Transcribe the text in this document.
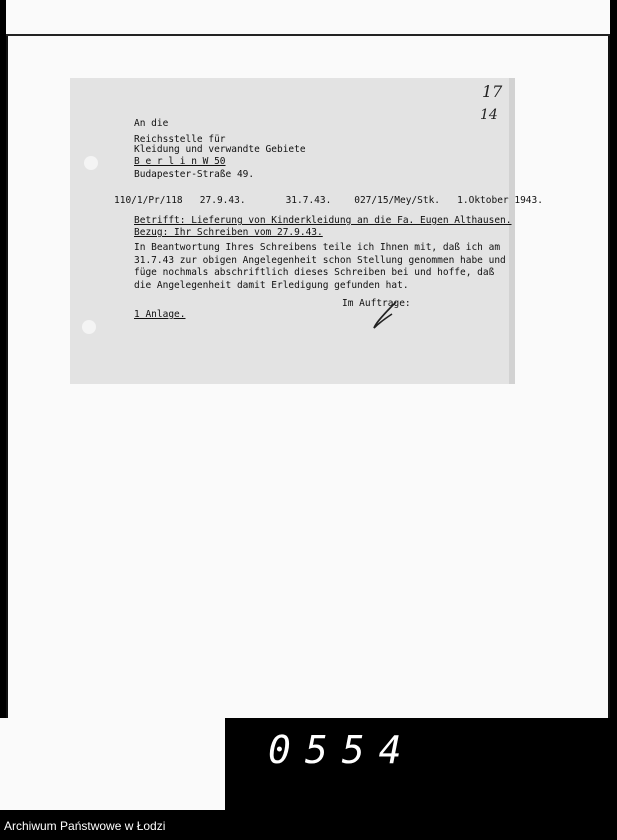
17
14
An die
Reichsstelle für
Kleidung und verwandte Gebiete
B e r l i n W 50
Budapester-Straße 49.
110/1/Pr/118   27.9.43.       31.7.43.    027/15/Mey/Stk.   1.Oktober 1943.
Betrifft: Lieferung von Kinderkleidung an die Fa. Eugen Althausen.
Bezug: Ihr Schreiben vom 27.9.43.
In Beantwortung Ihres Schreibens teile ich Ihnen mit, daß ich am
31.7.43 zur obigen Angelegenheit schon Stellung genommen habe und
füge nochmals abschriftlich dieses Schreiben bei und hoffe, daß
die Angelegenheit damit Erledigung gefunden hat.
Im Auftrage:
1 Anlage.
0554
Archiwum Państwowe w Łodzi
